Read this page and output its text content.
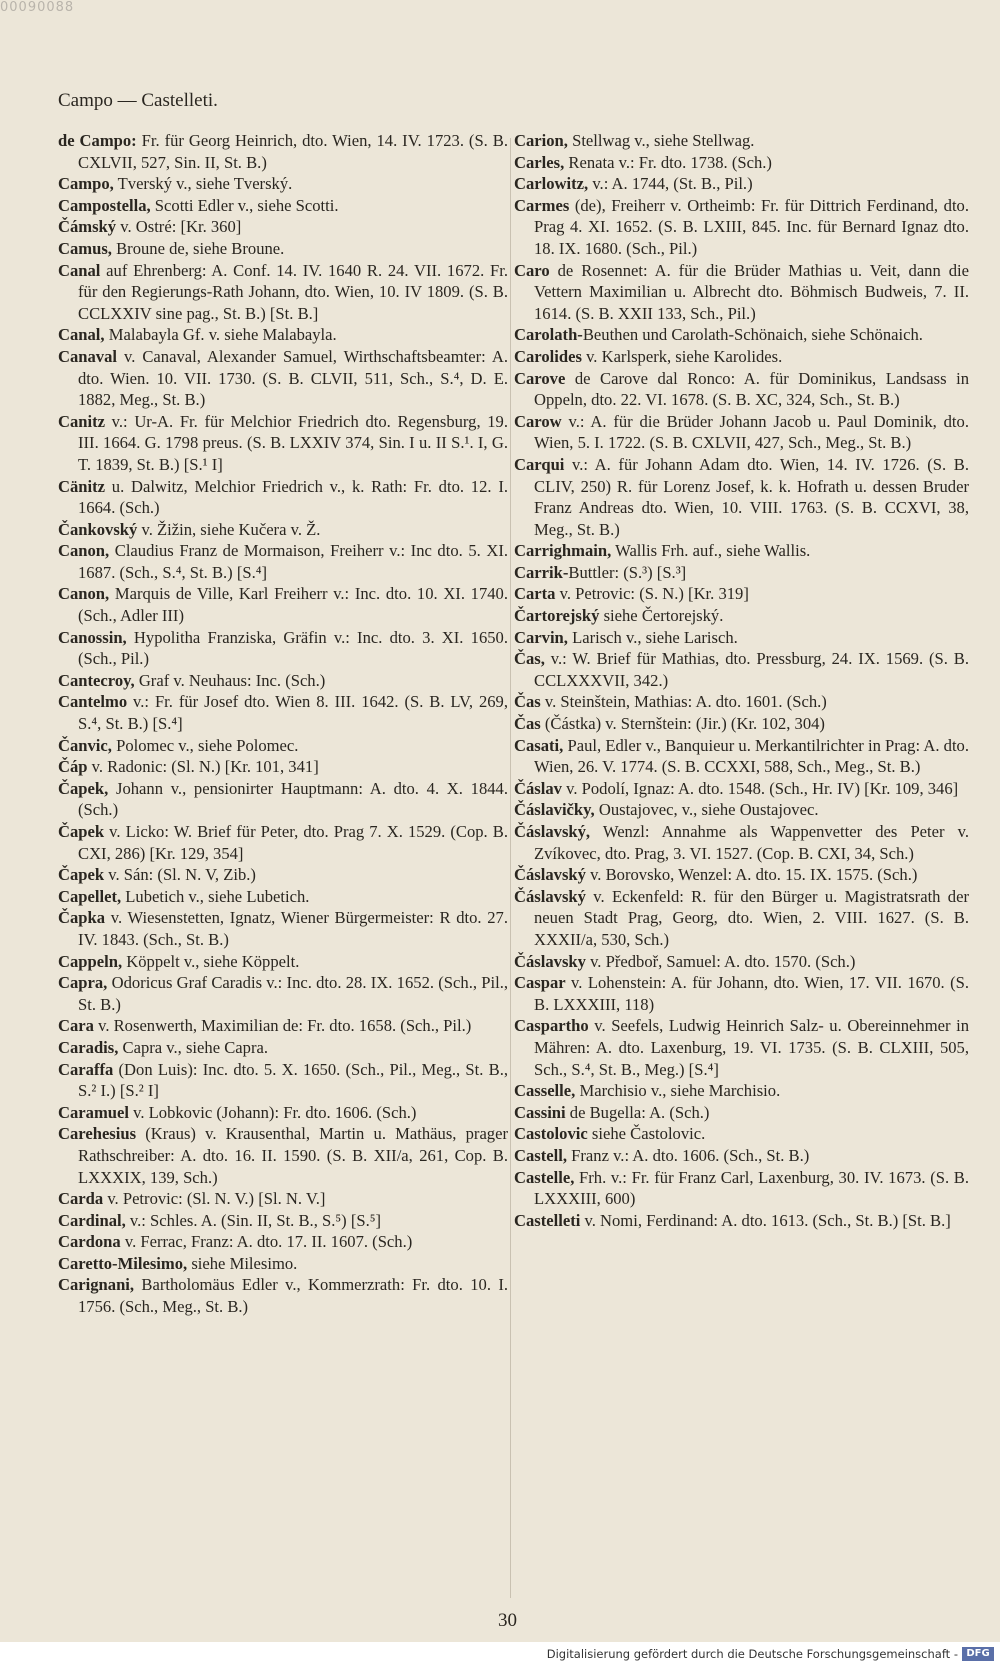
00090088
Campo — Castelleti.

de Campo: Fr. für Georg Heinrich, dto. Wien, 14. IV. 1723. (S. B. CXLVII, 527, Sin. II, St. B.)

Campo, Tverský v., siehe Tverský.

Campostella, Scotti Edler v., siehe Scotti.

Čámský v. Ostré: [Kr. 360]

Camus, Broune de, siehe Broune.

Canal auf Ehrenberg: A. Conf. 14. IV. 1640 R. 24. VII. 1672. Fr. für den Regierungs-Rath Johann, dto. Wien, 10. IV 1809. (S. B. CCLXXIV sine pag., St. B.) [St. B.]

Canal, Malabayla Gf. v. siehe Malabayla.

Canaval v. Canaval, Alexander Samuel, Wirthschaftsbeamter: A. dto. Wien. 10. VII. 1730. (S. B. CLVII, 511, Sch., S.⁴, D. E. 1882, Meg., St. B.)

Canitz v.: Ur-A. Fr. für Melchior Friedrich dto. Regensburg, 19. III. 1664. G. 1798 preus. (S. B. LXXIV 374, Sin. I u. II S.¹. I, G. T. 1839, St. B.) [S.¹ I]

Cänitz u. Dalwitz, Melchior Friedrich v., k. Rath: Fr. dto. 12. I. 1664. (Sch.)

Čankovský v. Žižin, siehe Kučera v. Ž.

Canon, Claudius Franz de Mormaison, Freiherr v.: Inc dto. 5. XI. 1687. (Sch., S.⁴, St. B.) [S.⁴]

Canon, Marquis de Ville, Karl Freiherr v.: Inc. dto. 10. XI. 1740. (Sch., Adler III)

Canossin, Hypolitha Franziska, Gräfin v.: Inc. dto. 3. XI. 1650. (Sch., Pil.)

Cantecroy, Graf v. Neuhaus: Inc. (Sch.)

Cantelmo v.: Fr. für Josef dto. Wien 8. III. 1642. (S. B. LV, 269, S.⁴, St. B.) [S.⁴]

Čanvic, Polomec v., siehe Polomec.

Čáp v. Radonic: (Sl. N.) [Kr. 101, 341]

Čapek, Johann v., pensionirter Hauptmann: A. dto. 4. X. 1844. (Sch.)

Čapek v. Licko: W. Brief für Peter, dto. Prag 7. X. 1529. (Cop. B. CXI, 286) [Kr. 129, 354]

Čapek v. Sán: (Sl. N. V, Zib.)

Capellet, Lubetich v., siehe Lubetich.

Čapka v. Wiesenstetten, Ignatz, Wiener Bürgermeister: R dto. 27. IV. 1843. (Sch., St. B.)

Cappeln, Köppelt v., siehe Köppelt.

Capra, Odoricus Graf Caradis v.: Inc. dto. 28. IX. 1652. (Sch., Pil., St. B.)

Cara v. Rosenwerth, Maximilian de: Fr. dto. 1658. (Sch., Pil.)

Caradis, Capra v., siehe Capra.

Caraffa (Don Luis): Inc. dto. 5. X. 1650. (Sch., Pil., Meg., St. B., S.² I.) [S.² I]

Caramuel v. Lobkovic (Johann): Fr. dto. 1606. (Sch.)

Carehesius (Kraus) v. Krausenthal, Martin u. Mathäus, prager Rathschreiber: A. dto. 16. II. 1590. (S. B. XII/a, 261, Cop. B. LXXXIX, 139, Sch.)

Carda v. Petrovic: (Sl. N. V.) [Sl. N. V.]

Cardinal, v.: Schles. A. (Sin. II, St. B., S.⁵) [S.⁵]

Cardona v. Ferrac, Franz: A. dto. 17. II. 1607. (Sch.)

Caretto-Milesimo, siehe Milesimo.

Carignani, Bartholomäus Edler v., Kommerzrath: Fr. dto. 10. I. 1756. (Sch., Meg., St. B.)

Carion, Stellwag v., siehe Stellwag.

Carles, Renata v.: Fr. dto. 1738. (Sch.)

Carlowitz, v.: A. 1744, (St. B., Pil.)

Carmes (de), Freiherr v. Ortheimb: Fr. für Dittrich Ferdinand, dto. Prag 4. XI. 1652. (S. B. LXIII, 845. Inc. für Bernard Ignaz dto. 18. IX. 1680. (Sch., Pil.)

Caro de Rosennet: A. für die Brüder Mathias u. Veit, dann die Vettern Maximilian u. Albrecht dto. Böhmisch Budweis, 7. II. 1614. (S. B. XXII 133, Sch., Pil.)

Carolath-Beuthen und Carolath-Schönaich, siehe Schönaich.

Carolides v. Karlsperk, siehe Karolides.

Carove de Carove dal Ronco: A. für Dominikus, Landsass in Oppeln, dto. 22. VI. 1678. (S. B. XC, 324, Sch., St. B.)

Carow v.: A. für die Brüder Johann Jacob u. Paul Dominik, dto. Wien, 5. I. 1722. (S. B. CXLVII, 427, Sch., Meg., St. B.)

Carqui v.: A. für Johann Adam dto. Wien, 14. IV. 1726. (S. B. CLIV, 250) R. für Lorenz Josef, k. k. Hofrath u. dessen Bruder Franz Andreas dto. Wien, 10. VIII. 1763. (S. B. CCXVI, 38, Meg., St. B.)

Carrighmain, Wallis Frh. auf., siehe Wallis.

Carrik-Buttler: (S.³) [S.³]

Carta v. Petrovic: (S. N.) [Kr. 319]

Čartorejský siehe Čertorejský.

Carvin, Larisch v., siehe Larisch.

Čas, v.: W. Brief für Mathias, dto. Pressburg, 24. IX. 1569. (S. B. CCLXXXVII, 342.)

Čas v. Steinštein, Mathias: A. dto. 1601. (Sch.)

Čas (Částka) v. Sternštein: (Jir.) (Kr. 102, 304)

Casati, Paul, Edler v., Banquieur u. Merkantilrichter in Prag: A. dto. Wien, 26. V. 1774. (S. B. CCXXI, 588, Sch., Meg., St. B.)

Čáslav v. Podolí, Ignaz: A. dto. 1548. (Sch., Hr. IV) [Kr. 109, 346]

Čáslavičky, Oustajovec, v., siehe Oustajovec.

Čáslavský, Wenzl: Annahme als Wappenvetter des Peter v. Zvíkovec, dto. Prag, 3. VI. 1527. (Cop. B. CXI, 34, Sch.)

Čáslavský v. Borovsko, Wenzel: A. dto. 15. IX. 1575. (Sch.)

Čáslavský v. Eckenfeld: R. für den Bürger u. Magistratsrath der neuen Stadt Prag, Georg, dto. Wien, 2. VIII. 1627. (S. B. XXXII/a, 530, Sch.)

Čáslavsky v. Předboř, Samuel: A. dto. 1570. (Sch.)

Caspar v. Lohenstein: A. für Johann, dto. Wien, 17. VII. 1670. (S. B. LXXXIII, 118)

Caspartho v. Seefels, Ludwig Heinrich Salz- u. Obereinnehmer in Mähren: A. dto. Laxenburg, 19. VI. 1735. (S. B. CLXIII, 505, Sch., S.⁴, St. B., Meg.) [S.⁴]

Casselle, Marchisio v., siehe Marchisio.

Cassini de Bugella: A. (Sch.)

Castolovic siehe Častolovic.

Castell, Franz v.: A. dto. 1606. (Sch., St. B.)

Castelle, Frh. v.: Fr. für Franz Carl, Laxenburg, 30. IV. 1673. (S. B. LXXXIII, 600)

Castelleti v. Nomi, Ferdinand: A. dto. 1613. (Sch., St. B.) [St. B.]

30
Digitalisierung gefördert durch die Deutsche Forschungsgemeinschaft - DFG
